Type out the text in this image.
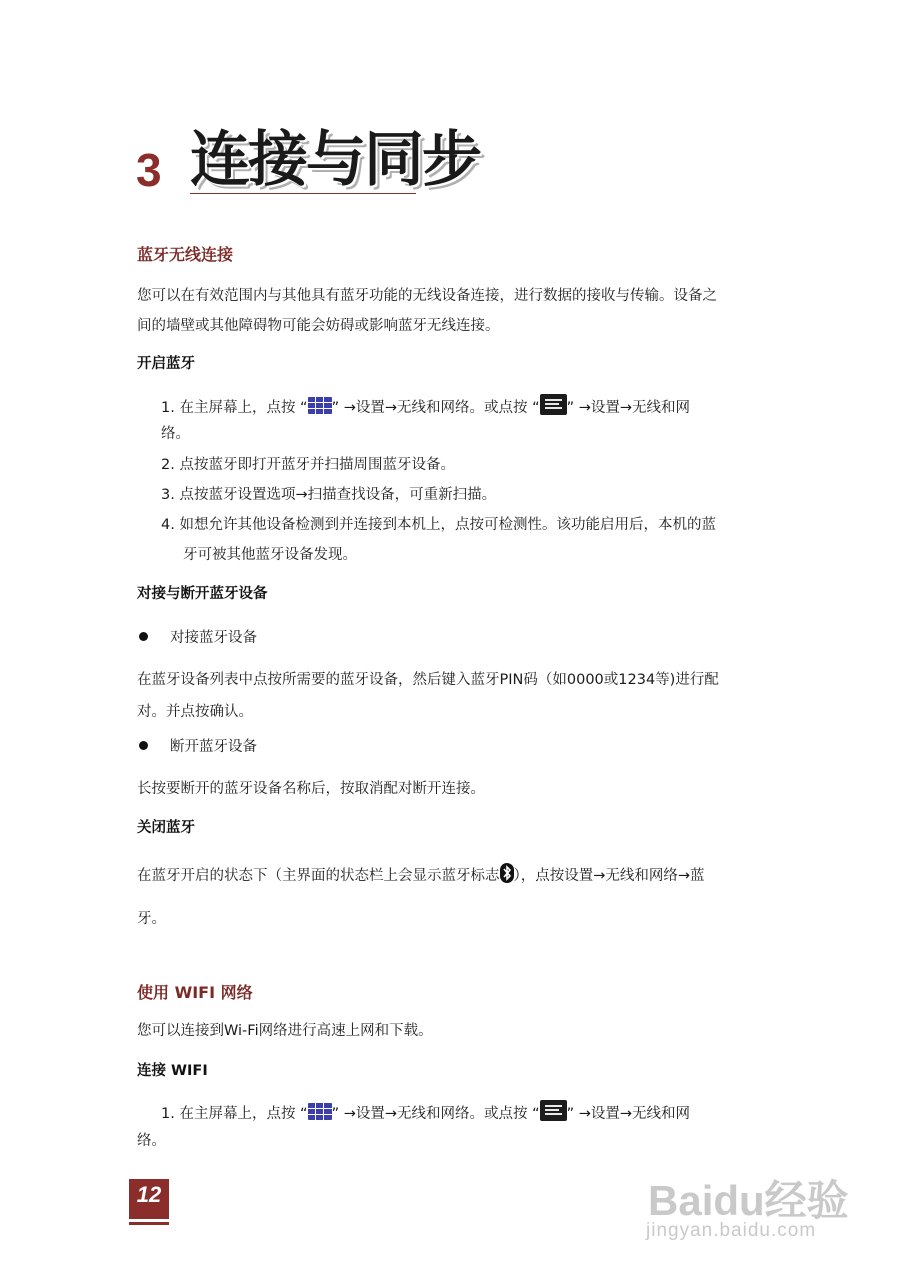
3 连接与同步
蓝牙无线连接
您可以在有效范围内与其他具有蓝牙功能的无线设备连接，进行数据的接收与传输。设备之
间的墙壁或其他障碍物可能会妨碍或影响蓝牙无线连接。
开启蓝牙
1. 在主屏幕上，点按 “ ” →设置→无线和网络。或点按 “ ” →设置→无线和网
络。
2. 点按蓝牙即打开蓝牙并扫描周围蓝牙设备。
3. 点按蓝牙设置选项→扫描查找设备，可重新扫描。
4. 如想允许其他设备检测到并连接到本机上，点按可检测性。该功能启用后，本机的蓝
牙可被其他蓝牙设备发现。
对接与断开蓝牙设备
对接蓝牙设备
在蓝牙设备列表中点按所需要的蓝牙设备，然后键入蓝牙PIN码（如0000或1234等)进行配
对。并点按确认。
断开蓝牙设备
长按要断开的蓝牙设备名称后，按取消配对断开连接。
关闭蓝牙
在蓝牙开启的状态下（主界面的状态栏上会显示蓝牙标志 ），点按设置→无线和网络→蓝
牙。
使用 WIFI 网络
您可以连接到Wi-Fi网络进行高速上网和下载。
连接 WIFI
1. 在主屏幕上，点按 “ ” →设置→无线和网络。或点按 “ ” →设置→无线和网
络。
12	Baidu经验
jingyan.baidu.com
